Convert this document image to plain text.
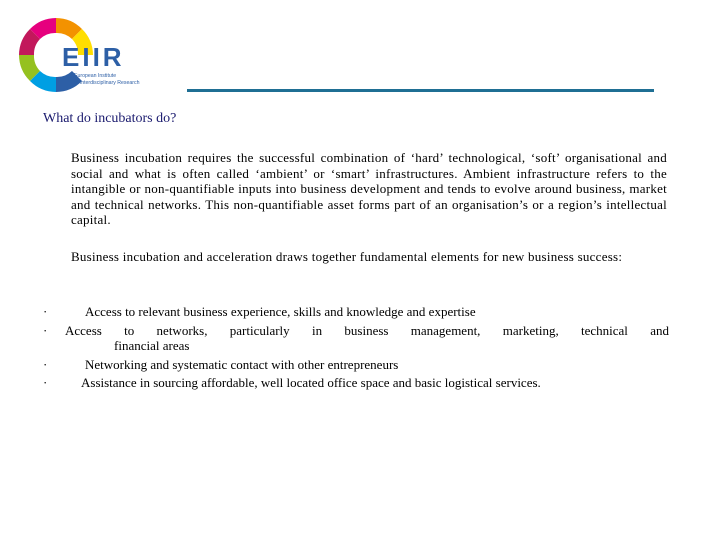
EIIR
European Institute
of Interdisciplinary Research
What do incubators do?
Business incubation requires the successful combination of ‘hard’ technological, ‘soft’ organisational and social and what is often called ‘ambient’ or ‘smart’ infrastructures. Ambient infrastructure refers to the intangible or non-quantifiable inputs into business development and tends to evolve around business, market and technical networks. This non-quantifiable asset forms part of an organisation’s or a region’s intellectual capital.
Business incubation and acceleration draws together fundamental elements for new business success:
·	Access to relevant business experience, skills and knowledge and expertise
· Access to networks, particularly in business management, marketing, technical and
financial areas
·	Networking and systematic contact with other entrepreneurs
·	Assistance in sourcing affordable, well located office space and basic logistical services.
